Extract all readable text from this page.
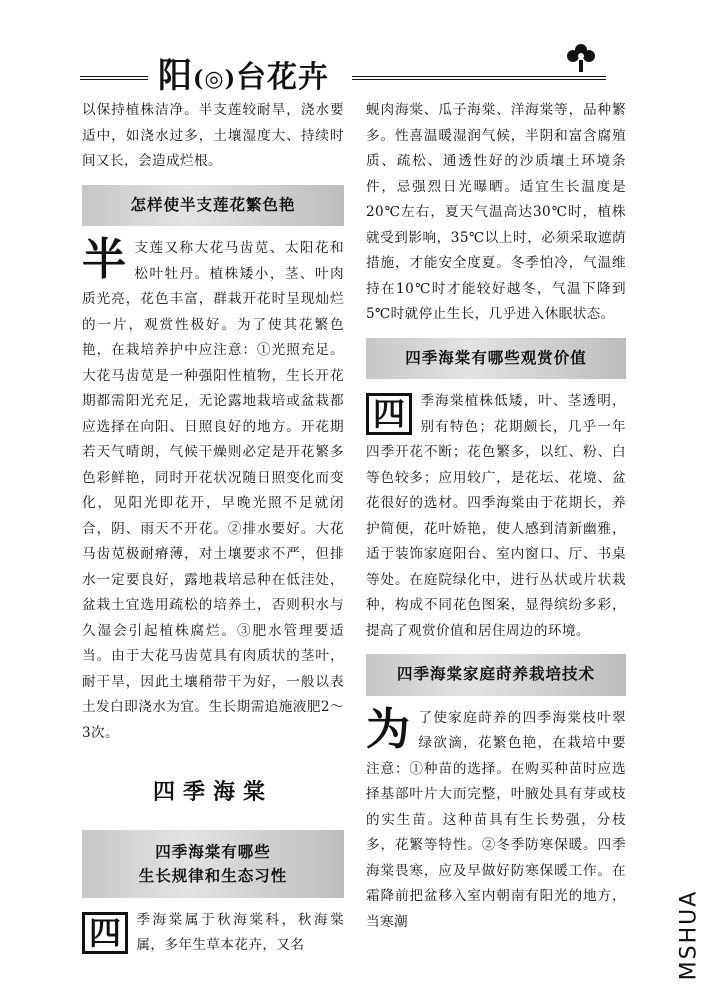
阳(◎)台花卉

以保持植株洁净。半支莲较耐旱，浇水要适中，如浇水过多，土壤湿度大、持续时间又长，会造成烂根。

怎样使半支莲花繁色艳

半支莲又称大花马齿苋、太阳花和松叶牡丹。植株矮小，茎、叶肉质光亮，花色丰富，群栽开花时呈现灿烂的一片，观赏性极好。为了使其花繁色艳，在栽培养护中应注意：①光照充足。大花马齿苋是一种强阳性植物，生长开花期都需阳光充足，无论露地栽培或盆栽都应选择在向阳、日照良好的地方。开花期若天气晴朗，气候干燥则必定是开花繁多色彩鲜艳，同时开花状况随日照变化而变化，见阳光即花开，早晚光照不足就闭合，阴、雨天不开花。②排水要好。大花马齿苋极耐瘠薄，对土壤要求不严，但排水一定要良好，露地栽培忌种在低洼处，盆栽土宜选用疏松的培养土，否则积水与久湿会引起植株腐烂。③肥水管理要适当。由于大花马齿苋具有肉质状的茎叶，耐干旱，因此土壤稍带干为好，一般以表土发白即浇水为宜。生长期需追施液肥2～3次。

四季海棠
四季海棠有哪些
生长规律和生态习性

四	季海棠属于秋海棠科，秋海棠属，多年生草本花卉，又名

蚬肉海棠、瓜子海棠、洋海棠等，品种繁多。性喜温暖湿润气候，半阴和富含腐殖质、疏松、通透性好的沙质壤土环境条件，忌强烈日光曝晒。适宜生长温度是20℃左右，夏天气温高达30℃时，植株就受到影响，35℃以上时，必须采取遮荫措施，才能安全度夏。冬季怕冷，气温维持在10℃时才能较好越冬，气温下降到5℃时就停止生长，几乎进入休眠状态。

四季海棠有哪些观赏价值

四	季海棠植株低矮，叶、茎透明，别有特色；花期颇长，几乎一年四季开花不断；花色繁多，以红、粉、白等色较多；应用较广，是花坛、花境、盆花很好的选材。四季海棠由于花期长，养护简便，花叶娇艳，使人感到清新幽雅，适于装饰家庭阳台、室内窗口、厅、书桌等处。在庭院绿化中，进行丛状或片状栽种，构成不同花色图案，显得缤纷多彩，提高了观赏价值和居住周边的环境。

四季海棠家庭莳养栽培技术

为了使家庭莳养的四季海棠枝叶翠绿欲滴，花繁色艳，在栽培中要注意：①种苗的选择。在购买种苗时应选择基部叶片大而完整，叶腋处具有芽或枝的实生苗。这种苗具有生长势强，分枝多，花繁等特性。②冬季防寒保暖。四季海棠畏寒，应及早做好防寒保暖工作。在霜降前把盆移入室内朝南有阳光的地方，当寒潮	MSHUA
